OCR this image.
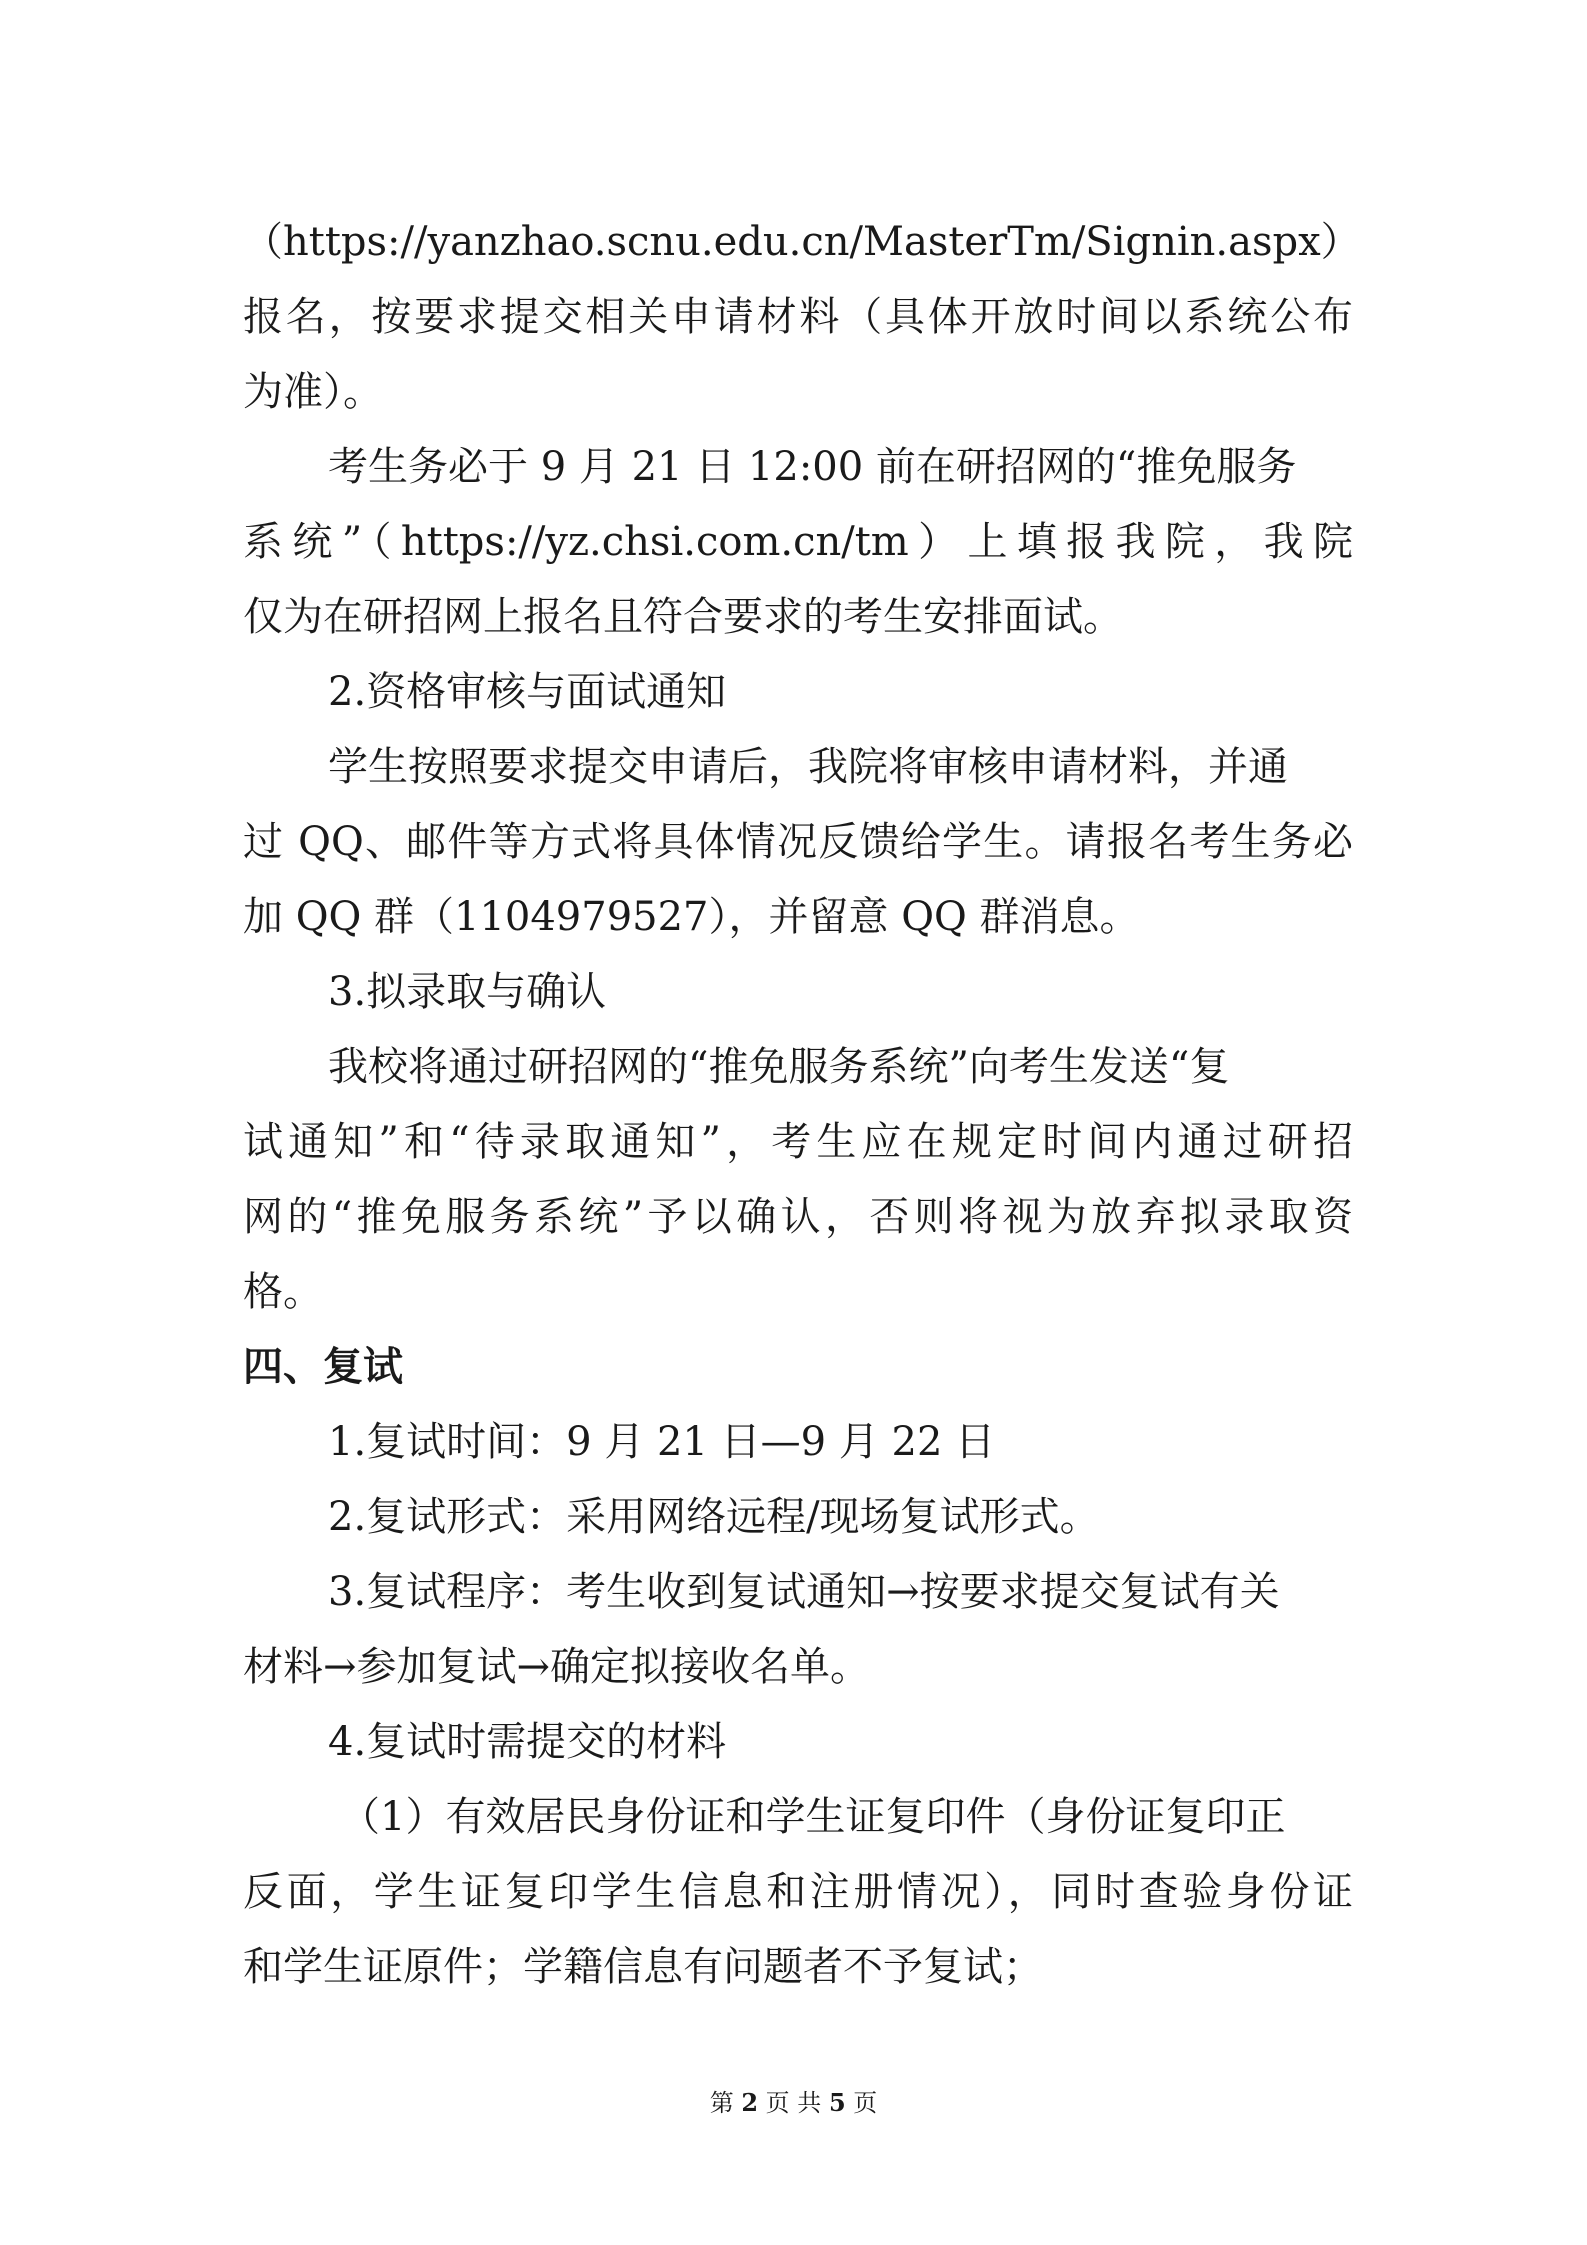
（https://yanzhao.scnu.edu.cn/MasterTm/Signin.aspx）
报名，按要求提交相关申请材料（具体开放时间以系统公布
为准）。
考生务必于 9 月 21 日 12:00 前在研招网的“推免服务
系统”（https://yz.chsi.com.cn/tm）上填报我院，我院
仅为在研招网上报名且符合要求的考生安排面试。
2.资格审核与面试通知
学生按照要求提交申请后，我院将审核申请材料，并通
过 QQ、邮件等方式将具体情况反馈给学生。请报名考生务必
加 QQ 群（1104979527），并留意 QQ 群消息。
3.拟录取与确认
我校将通过研招网的“推免服务系统”向考生发送“复
试通知”和“待录取通知”，考生应在规定时间内通过研招
网的“推免服务系统”予以确认，否则将视为放弃拟录取资
格。
四、复试
1.复试时间：9 月 21 日—9 月 22 日
2.复试形式：采用网络远程/现场复试形式。
3.复试程序：考生收到复试通知→按要求提交复试有关
材料→参加复试→确定拟接收名单。
4.复试时需提交的材料
（1）有效居民身份证和学生证复印件（身份证复印正
反面，学生证复印学生信息和注册情况），同时查验身份证
和学生证原件；学籍信息有问题者不予复试；
第 2 页 共 5 页
